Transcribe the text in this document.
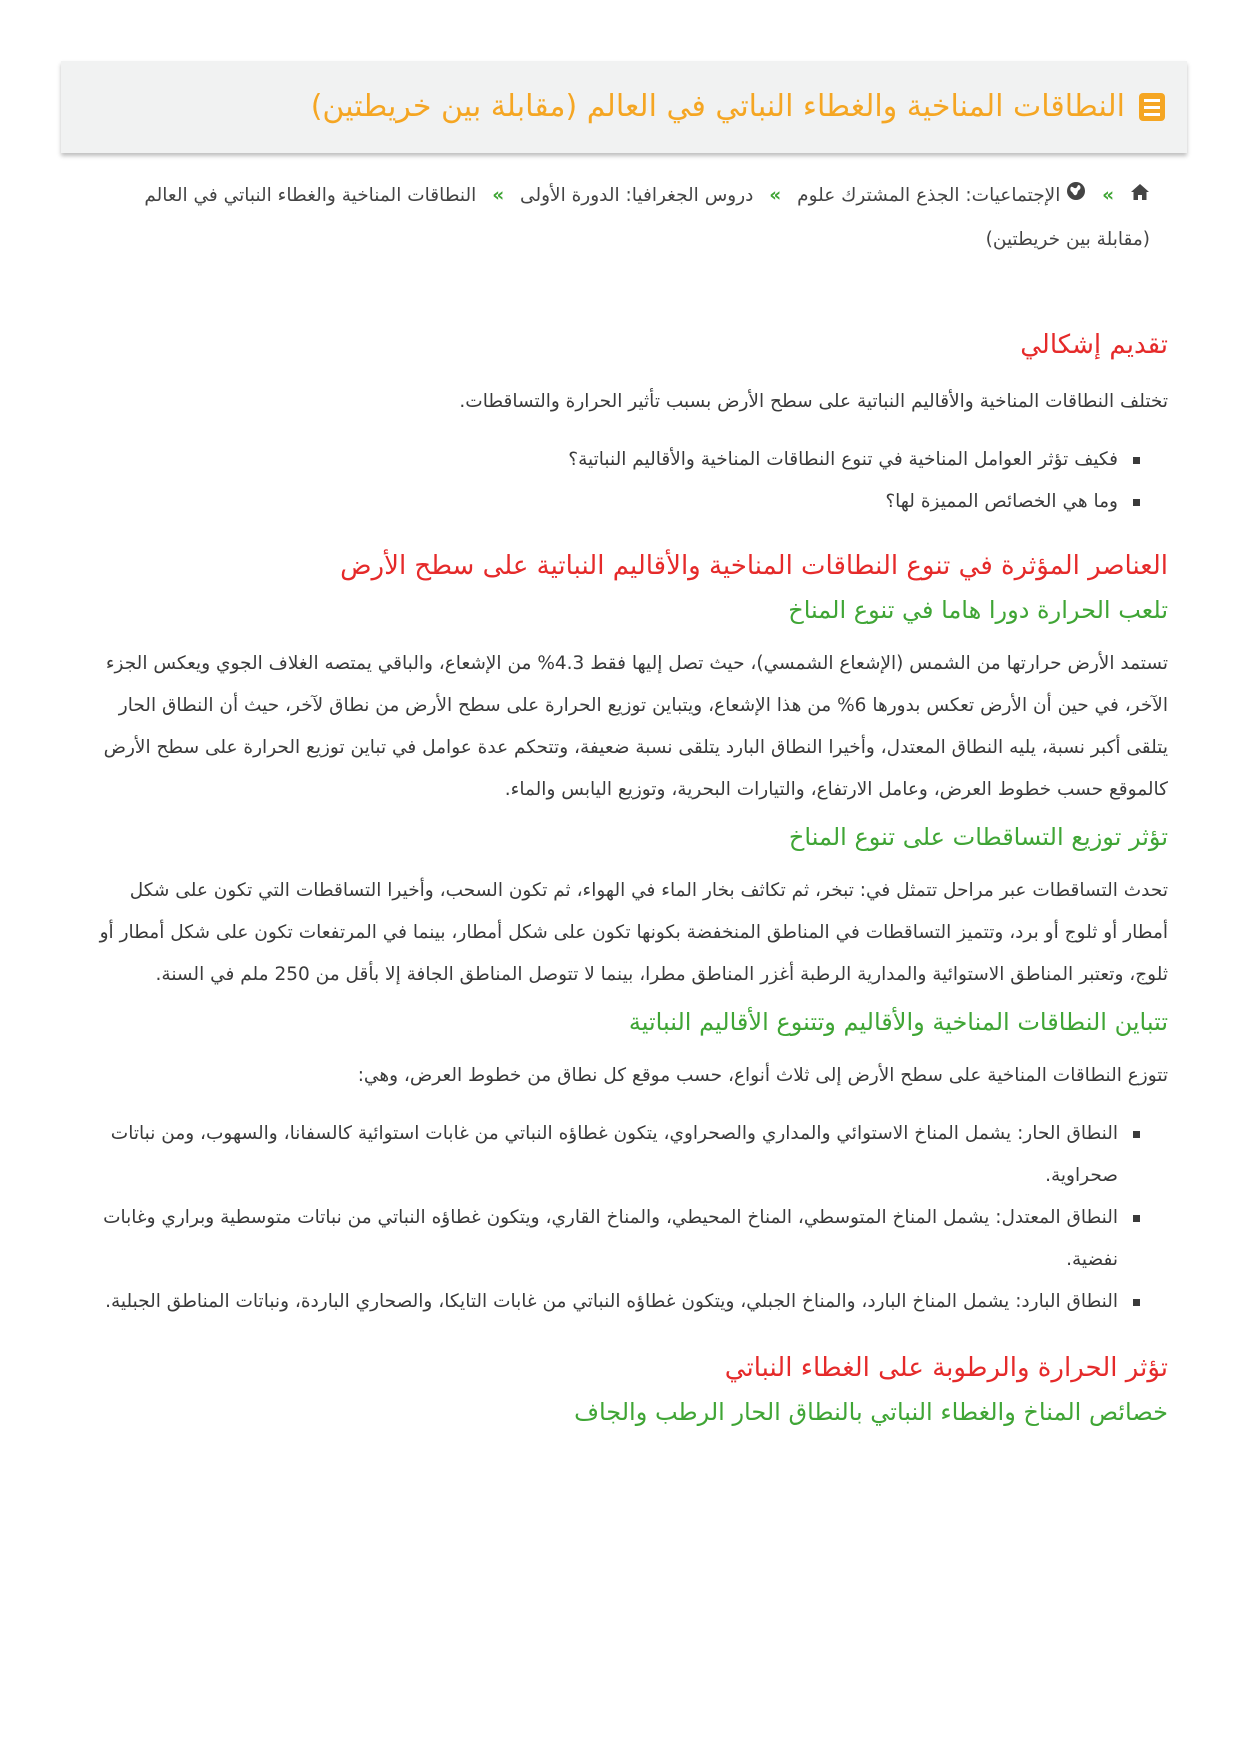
النطاقات المناخية والغطاء النباتي في العالم (مقابلة بين خريطتين)
»  الإجتماعيات: الجذع المشترك علوم » دروس الجغرافيا: الدورة الأولى » النطاقات المناخية والغطاء النباتي في العالم (مقابلة بين خريطتين)
تقديم إشكالي

تختلف النطاقات المناخية والأقاليم النباتية على سطح الأرض بسبب تأثير الحرارة والتساقطات.

فكيف تؤثر العوامل المناخية في تنوع النطاقات المناخية والأقاليم النباتية؟
وما هي الخصائص المميزة لها؟
العناصر المؤثرة في تنوع النطاقات المناخية والأقاليم النباتية على سطح الأرض
تلعب الحرارة دورا هاما في تنوع المناخ

تستمد الأرض حرارتها من الشمس (الإشعاع الشمسي)، حيث تصل إليها فقط 4.3% من الإشعاع، والباقي يمتصه الغلاف الجوي ويعكس الجزء الآخر، في حين أن الأرض تعكس بدورها 6% من هذا الإشعاع، ويتباين توزيع الحرارة على سطح الأرض من نطاق لآخر، حيث أن النطاق الحار يتلقى أكبر نسبة، يليه النطاق المعتدل، وأخيرا النطاق البارد يتلقى نسبة ضعيفة، وتتحكم عدة عوامل في تباين توزيع الحرارة على سطح الأرض كالموقع حسب خطوط العرض، وعامل الارتفاع، والتيارات البحرية، وتوزيع اليابس والماء.

تؤثر توزيع التساقطات على تنوع المناخ

تحدث التساقطات عبر مراحل تتمثل في: تبخر، ثم تكاثف بخار الماء في الهواء، ثم تكون السحب، وأخيرا التساقطات التي تكون على شكل أمطار أو ثلوج أو برد، وتتميز التساقطات في المناطق المنخفضة بكونها تكون على شكل أمطار، بينما في المرتفعات تكون على شكل أمطار أو ثلوج، وتعتبر المناطق الاستوائية والمدارية الرطبة أغزر المناطق مطرا، بينما لا تتوصل المناطق الجافة إلا بأقل من 250 ملم في السنة.

تتباين النطاقات المناخية والأقاليم وتتنوع الأقاليم النباتية

تتوزع النطاقات المناخية على سطح الأرض إلى ثلاث أنواع، حسب موقع كل نطاق من خطوط العرض، وهي:

النطاق الحار: يشمل المناخ الاستوائي والمداري والصحراوي، يتكون غطاؤه النباتي من غابات استوائية كالسفانا، والسهوب، ومن نباتات صحراوية.
النطاق المعتدل: يشمل المناخ المتوسطي، المناخ المحيطي، والمناخ القاري، ويتكون غطاؤه النباتي من نباتات متوسطية وبراري وغابات نفضية.
النطاق البارد: يشمل المناخ البارد، والمناخ الجبلي، ويتكون غطاؤه النباتي من غابات التايكا، والصحاري الباردة، ونباتات المناطق الجبلية.
تؤثر الحرارة والرطوبة على الغطاء النباتي
خصائص المناخ والغطاء النباتي بالنطاق الحار الرطب والجاف
